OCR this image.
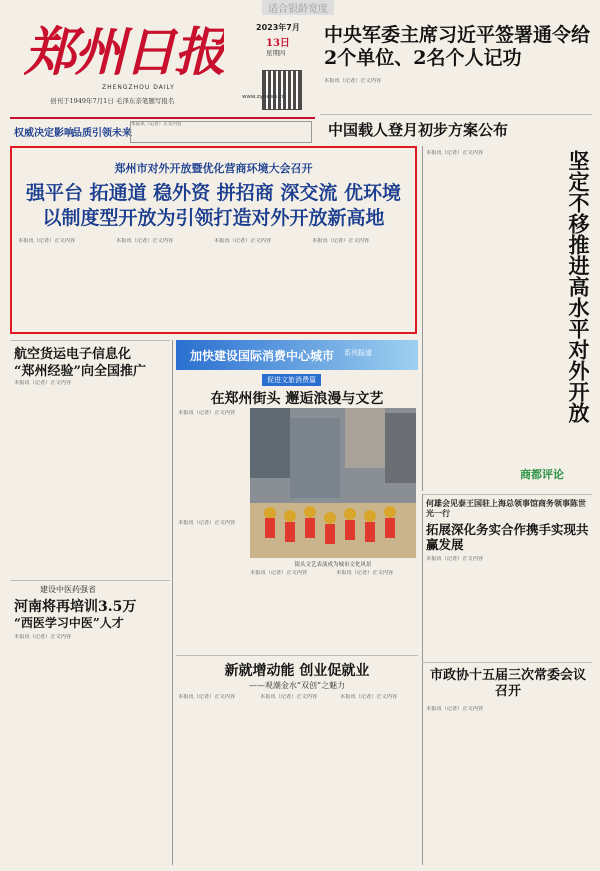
适合银龄宽度
郑州日报
ZHENGZHOU DAILY
创刊于1949年7月1日 毛泽东亲笔题写报名
2023年7月
13日
星期四
权威决定影响
品质引领未来
本报讯（记者）正文内容
www.zynews.cn
中央军委主席习近平签署通令给2个单位、2名个人记功
本报讯（记者）正文内容
中国载人登月初步方案公布
郑州市对外开放暨优化营商环境大会召开
强平台 拓通道 稳外资 拼招商 深交流 优环境
以制度型开放为引领打造对外开放新高地
本报讯（记者）正文内容	本报讯（记者）正文内容	本报讯（记者）正文内容	本报讯（记者）正文内容
本报讯（记者）正文内容	坚定不移推进高水平对外开放
商都评论
航空货运电子信息化
“郑州经验”向全国推广
本报讯（记者）正文内容
加快建设国际消费中心城市 系列报道
促进文旅消费篇
在郑州街头 邂逅浪漫与文艺
本报讯（记者）正文内容
本报讯（记者）正文内容
街头文艺表演成为城市文化风景
本报讯（记者）正文内容	本报讯（记者）正文内容
何雄会见泰王国驻上海总领事馆商务领事陈世光一行
拓展深化务实合作携手实现共赢发展
本报讯（记者）正文内容
建设中医药强省
河南将再培训3.5万
“西医学习中医”人才
本报讯（记者）正文内容
新就增动能 创业促就业
——观潮金水“双创”之魅力
本报讯（记者）正文内容	本报讯（记者）正文内容	本报讯（记者）正文内容
市政协十五届三次常委会议召开
本报讯（记者）正文内容
